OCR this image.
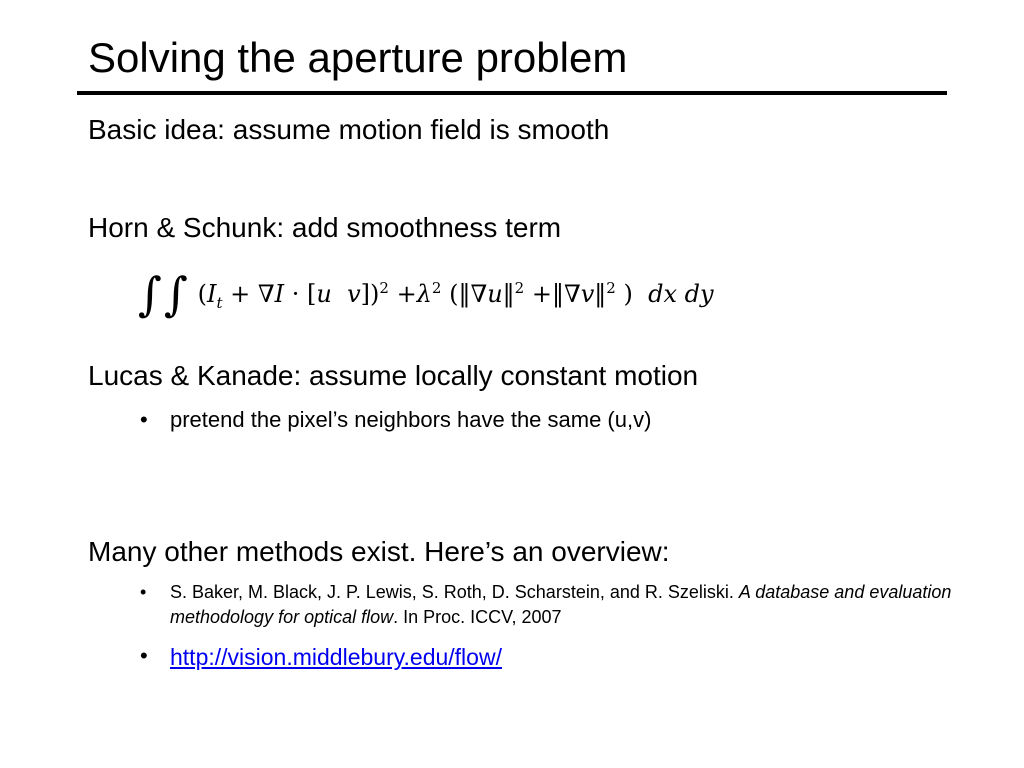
Solving the aperture problem
Basic idea: assume motion field is smooth
Horn & Schunk: add smoothness term
∫∫ ($I_t + \nabla I \cdot [u$ $v])^2 +\lambda^2$ (‖∇u‖$^2$ +‖∇v‖$^2$ )  dx dy
Lucas & Kanade: assume locally constant motion
•	pretend the pixel’s neighbors have the same (u,v)
Many other methods exist. Here’s an overview:
•	S. Baker, M. Black, J. P. Lewis, S. Roth, D. Scharstein, and R. Szeliski. A database and evaluation methodology for optical flow. In Proc. ICCV, 2007
• http://vision.middlebury.edu/flow/
